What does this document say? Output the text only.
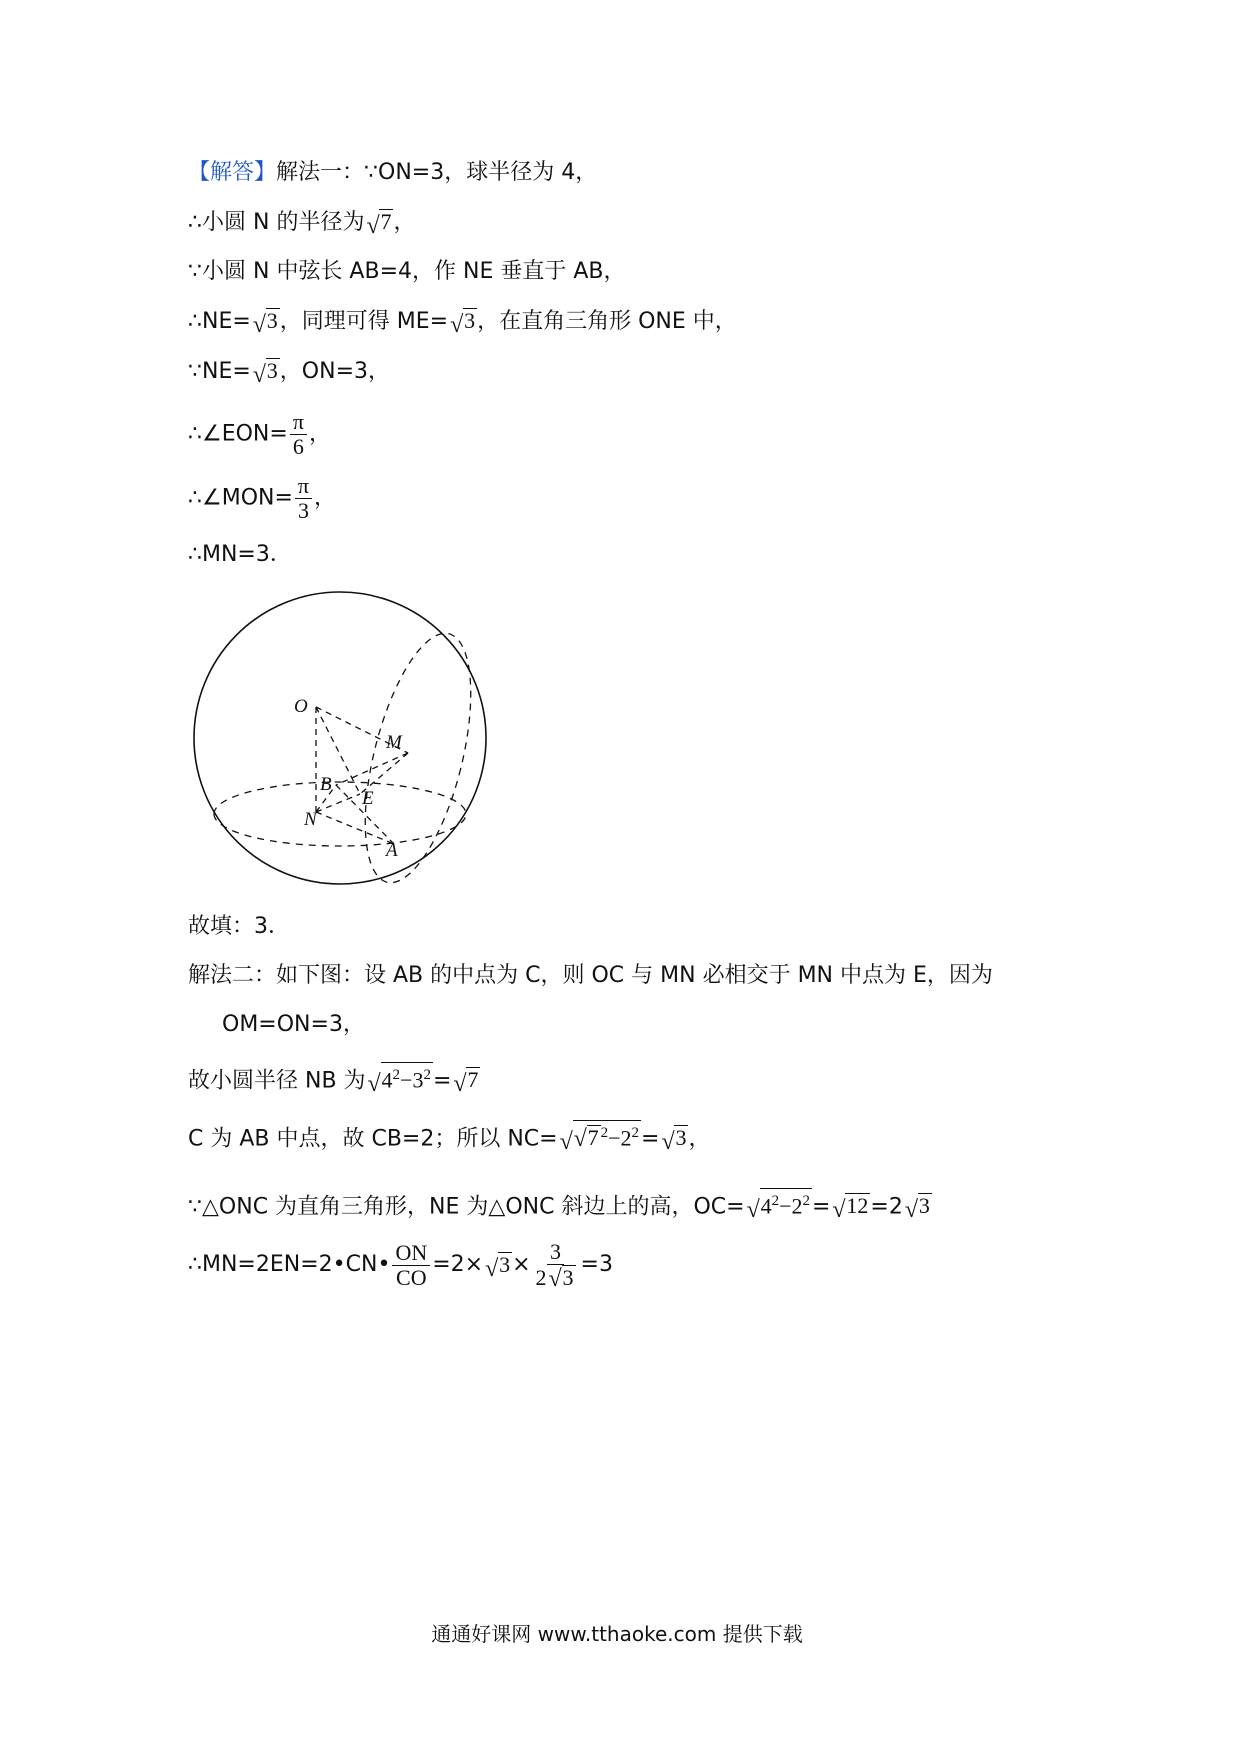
【解答】解法一：∵ON=3，球半径为 4，
∴小圆 N 的半径为 √ 7，
∵小圆 N 中弦长 AB=4，作 NE 垂直于 AB，
∴NE= √ 3，同理可得 ME= √ 3，在直角三角形 ONE 中，
∵NE= √ 3，ON=3，
∴∠EON= $\frac{\pi}{6}$ ，
∴∠MON= $\frac{\pi}{3}$ ，
∴MN=3．
O
M
B
E
N
A
故填：3．
解法二：如下图：设 AB 的中点为 C，则 OC 与 MN 必相交于 MN 中点为 E，因为
OM=ON=3，
故小圆半径 NB 为 √ $4^2-3^2=$ √ 7
C 为 AB 中点，故 CB=2；所以 NC= √ √ 7 $^2-2^2=$ √ 3，
∵△ONC 为直角三角形，NE 为△ONC 斜边上的高，OC= √ $4^2-2^2=$ √ 12=2 √ 3
∴MN=2EN=2•CN• $\frac{ON}{CO} =2\times$ √ $3\times \frac{3}{2 √ 3} =3$
通通好课网 www.tthaoke.com 提供下载
